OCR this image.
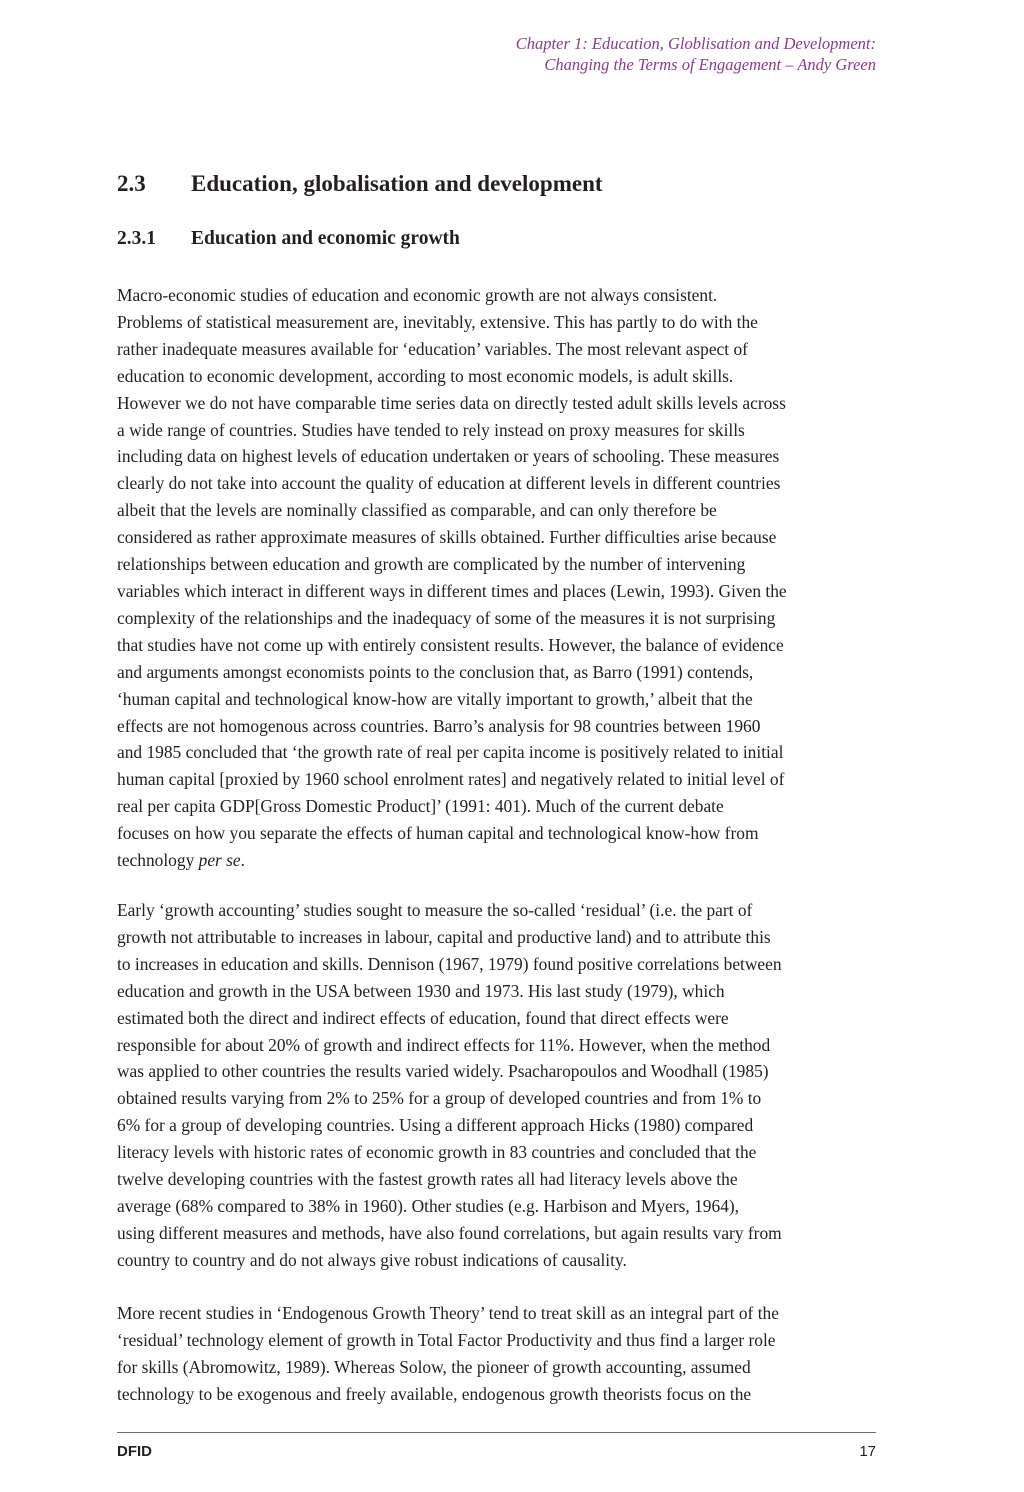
Chapter 1: Education, Globlisation and Development:
Changing the Terms of Engagement – Andy Green
2.3 Education, globalisation and development
2.3.1 Education and economic growth

Macro-economic studies of education and economic growth are not always consistent.
Problems of statistical measurement are, inevitably, extensive. This has partly to do with the
rather inadequate measures available for ‘education’ variables. The most relevant aspect of
education to economic development, according to most economic models, is adult skills.
However we do not have comparable time series data on directly tested adult skills levels across
a wide range of countries. Studies have tended to rely instead on proxy measures for skills
including data on highest levels of education undertaken or years of schooling. These measures
clearly do not take into account the quality of education at different levels in different countries
albeit that the levels are nominally classified as comparable, and can only therefore be
considered as rather approximate measures of skills obtained. Further difficulties arise because
relationships between education and growth are complicated by the number of intervening
variables which interact in different ways in different times and places (Lewin, 1993). Given the
complexity of the relationships and the inadequacy of some of the measures it is not surprising
that studies have not come up with entirely consistent results. However, the balance of evidence
and arguments amongst economists points to the conclusion that, as Barro (1991) contends,
‘human capital and technological know-how are vitally important to growth,’ albeit that the
effects are not homogenous across countries. Barro’s analysis for 98 countries between 1960
and 1985 concluded that ‘the growth rate of real per capita income is positively related to initial
human capital [proxied by 1960 school enrolment rates] and negatively related to initial level of
real per capita GDP[Gross Domestic Product]’ (1991: 401). Much of the current debate
focuses on how you separate the effects of human capital and technological know-how from
technology per se.

Early ‘growth accounting’ studies sought to measure the so-called ‘residual’ (i.e. the part of
growth not attributable to increases in labour, capital and productive land) and to attribute this
to increases in education and skills. Dennison (1967, 1979) found positive correlations between
education and growth in the USA between 1930 and 1973. His last study (1979), which
estimated both the direct and indirect effects of education, found that direct effects were
responsible for about 20% of growth and indirect effects for 11%. However, when the method
was applied to other countries the results varied widely. Psacharopoulos and Woodhall (1985)
obtained results varying from 2% to 25% for a group of developed countries and from 1% to
6% for a group of developing countries. Using a different approach Hicks (1980) compared
literacy levels with historic rates of economic growth in 83 countries and concluded that the
twelve developing countries with the fastest growth rates all had literacy levels above the
average (68% compared to 38% in 1960). Other studies (e.g. Harbison and Myers, 1964),
using different measures and methods, have also found correlations, but again results vary from
country to country and do not always give robust indications of causality.

More recent studies in ‘Endogenous Growth Theory’ tend to treat skill as an integral part of the
‘residual’ technology element of growth in Total Factor Productivity and thus find a larger role
for skills (Abromowitz, 1989). Whereas Solow, the pioneer of growth accounting, assumed
technology to be exogenous and freely available, endogenous growth theorists focus on the

DFID	17
